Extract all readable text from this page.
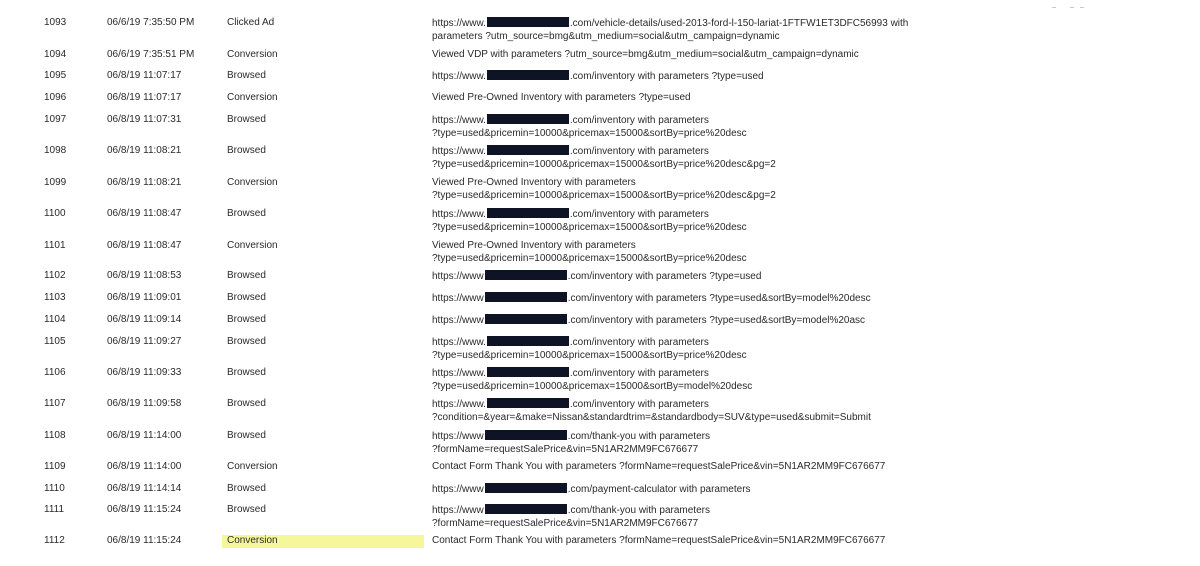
1093	06/6/19 7:35:50 PM	Clicked Ad	https://www.	.com/vehicle-details/used-2013-ford-l-150-lariat-1FTFW1ET3DFC56993 with
parameters ?utm_source=bmg&utm_medium=social&utm_campaign=dynamic
1094	06/6/19 7:35:51 PM	Conversion	Viewed VDP with parameters ?utm_source=bmg&utm_medium=social&utm_campaign=dynamic
1095	06/8/19 11:07:17	Browsed	https://www.	.com/inventory with parameters ?type=used
1096	06/8/19 11:07:17	Conversion	Viewed Pre-Owned Inventory with parameters ?type=used
1097	06/8/19 11:07:31	Browsed	https://www.	.com/inventory with parameters
?type=used&pricemin=10000&pricemax=15000&sortBy=price%20desc
1098	06/8/19 11:08:21	Browsed	https://www.	.com/inventory with parameters
?type=used&pricemin=10000&pricemax=15000&sortBy=price%20desc&pg=2
1099	06/8/19 11:08:21	Conversion	Viewed Pre-Owned Inventory with parameters
?type=used&pricemin=10000&pricemax=15000&sortBy=price%20desc&pg=2
1100	06/8/19 11:08:47	Browsed	https://www.	.com/inventory with parameters
?type=used&pricemin=10000&pricemax=15000&sortBy=price%20desc
1101	06/8/19 11:08:47	Conversion	Viewed Pre-Owned Inventory with parameters
?type=used&pricemin=10000&pricemax=15000&sortBy=price%20desc
1102	06/8/19 11:08:53	Browsed	https://www	.com/inventory with parameters ?type=used
1103	06/8/19 11:09:01	Browsed	https://www	.com/inventory with parameters ?type=used&sortBy=model%20desc
1104	06/8/19 11:09:14	Browsed	https://www	.com/inventory with parameters ?type=used&sortBy=model%20asc
1105	06/8/19 11:09:27	Browsed	https://www.	.com/inventory with parameters
?type=used&pricemin=10000&pricemax=15000&sortBy=price%20desc
1106	06/8/19 11:09:33	Browsed	https://www.	.com/inventory with parameters
?type=used&pricemin=10000&pricemax=15000&sortBy=model%20desc
1107	06/8/19 11:09:58	Browsed	https://www.	.com/inventory with parameters
?condition=&year=&make=Nissan&standardtrim=&standardbody=SUV&type=used&submit=Submit
1108	06/8/19 11:14:00	Browsed	https://www	.com/thank-you with parameters
?formName=requestSalePrice&vin=5N1AR2MM9FC676677
1109	06/8/19 11:14:00	Conversion	Contact Form Thank You with parameters ?formName=requestSalePrice&vin=5N1AR2MM9FC676677
1110	06/8/19 11:14:14	Browsed	https://www	.com/payment-calculator with parameters
1111	06/8/19 11:15:24	Browsed	https://www	.com/thank-you with parameters
?formName=requestSalePrice&vin=5N1AR2MM9FC676677
1112	06/8/19 11:15:24	Conversion	Contact Form Thank You with parameters ?formName=requestSalePrice&vin=5N1AR2MM9FC676677
